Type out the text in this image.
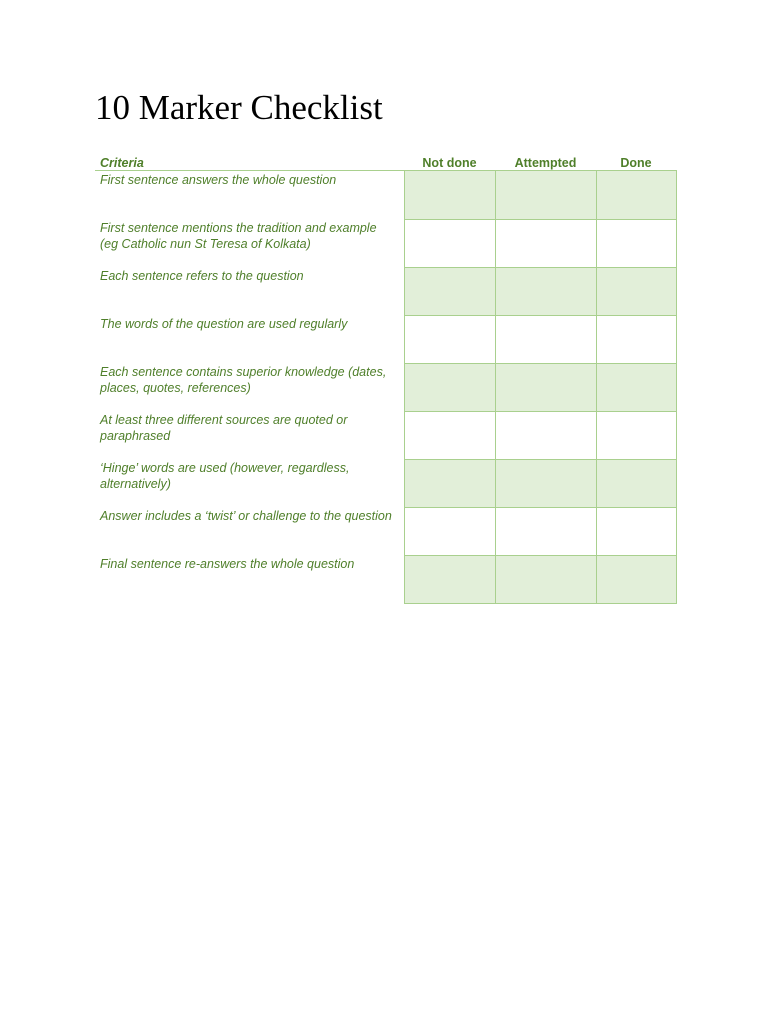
10 Marker Checklist
Criteria	Not done	Attempted	Done
First sentence answers the whole question			
First sentence mentions the tradition and example (eg Catholic nun St Teresa of Kolkata)			
Each sentence refers to the question			
The words of the question are used regularly			
Each sentence contains superior knowledge (dates, places, quotes, references)			
At least three different sources are quoted or paraphrased			
‘Hinge’ words are used (however, regardless, alternatively)			
Answer includes a ‘twist’ or challenge to the question			
Final sentence re-answers the whole question			
